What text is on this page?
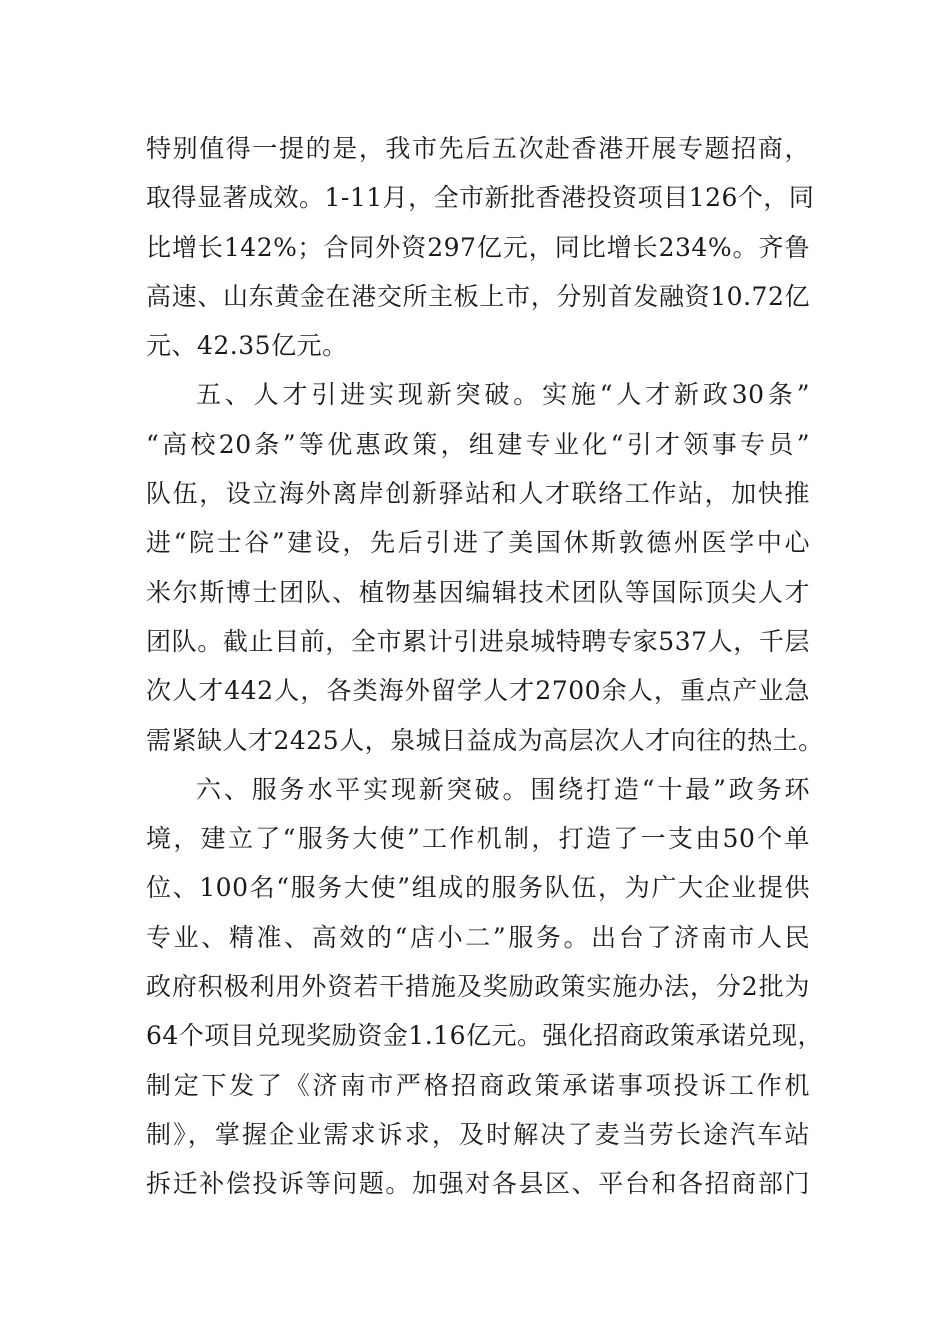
特别值得一提的是，我市先后五次赴香港开展专题招商，
取得显著成效。1-11月，全市新批香港投资项目126个，同
比增长142%；合同外资297亿元，同比增长234%。齐鲁
高速、山东黄金在港交所主板上市，分别首发融资10.72亿
元、42.35亿元。
五、人才引进实现新突破。实施“人才新政30条”
“高校20条”等优惠政策，组建专业化“引才领事专员”
队伍，设立海外离岸创新驿站和人才联络工作站，加快推
进“院士谷”建设，先后引进了美国休斯敦德州医学中心
米尔斯博士团队、植物基因编辑技术团队等国际顶尖人才
团队。截止目前，全市累计引进泉城特聘专家537人，千层
次人才442人，各类海外留学人才2700余人，重点产业急
需紧缺人才2425人，泉城日益成为高层次人才向往的热土。
六、服务水平实现新突破。围绕打造“十最”政务环
境，建立了“服务大使”工作机制，打造了一支由50个单
位、100名“服务大使”组成的服务队伍，为广大企业提供
专业、精准、高效的“店小二”服务。出台了济南市人民
政府积极利用外资若干措施及奖励政策实施办法，分2批为
64个项目兑现奖励资金1.16亿元。强化招商政策承诺兑现，
制定下发了《济南市严格招商政策承诺事项投诉工作机
制》，掌握企业需求诉求，及时解决了麦当劳长途汽车站
拆迁补偿投诉等问题。加强对各县区、平台和各招商部门
